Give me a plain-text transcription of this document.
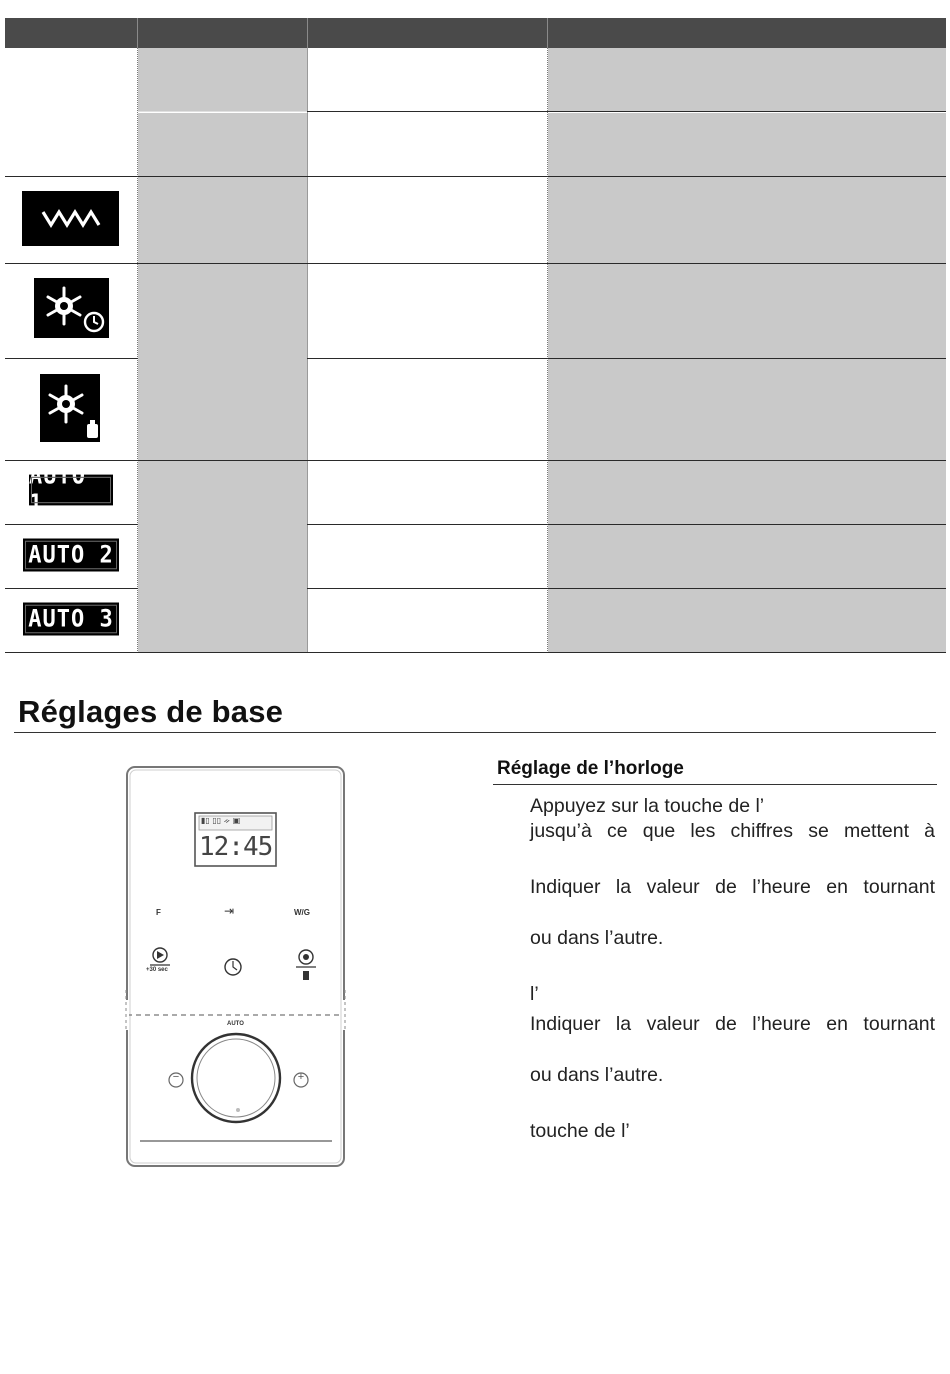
AUTO 1
AUTO 2
AUTO 3
Réglages de base
▮▯ ▯▯ ᨀ ▣
12:45
F	⇥	W/G
+30 sec
AUTO
−	+
Réglage de l’horloge
Appuyez sur la touche de l’
jusqu’à ce que les chiffres se mettent à
Indiquer la valeur de l’heure en tournant
ou dans l’autre.
l’
Indiquer la valeur de l’heure en tournant
ou dans l’autre.
touche de l’
